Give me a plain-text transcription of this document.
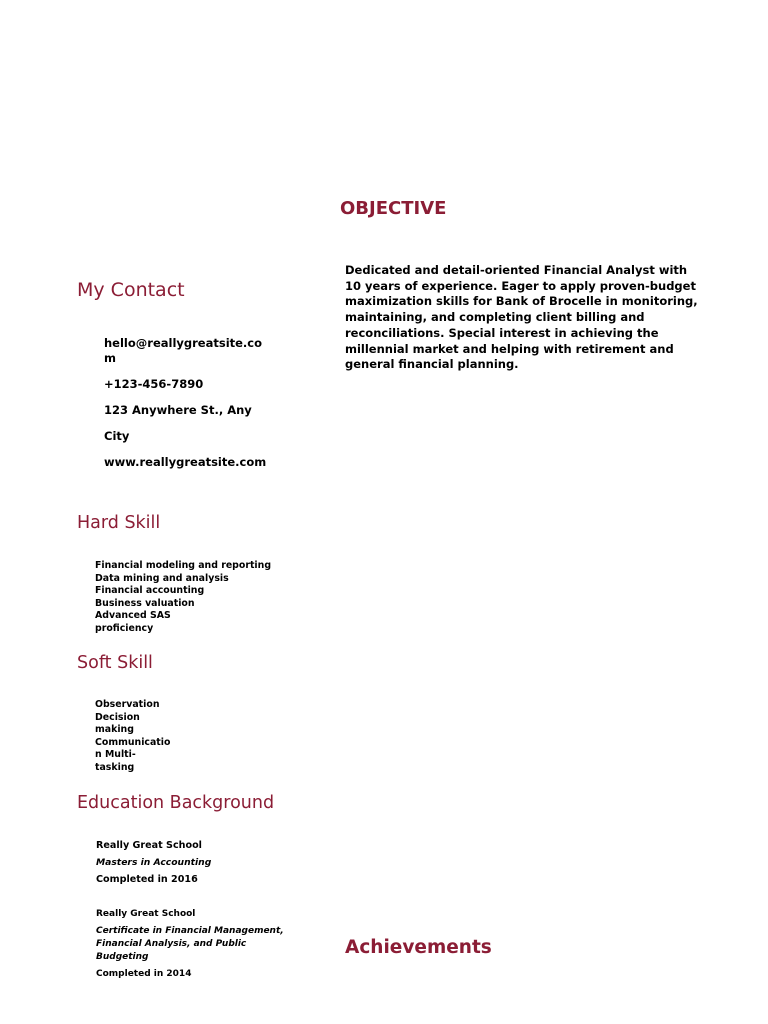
OBJECTIVE

Dedicated and detail-oriented Financial Analyst with 10 years of experience. Eager to apply proven-budget maximization skills for Bank of Brocelle in monitoring, maintaining, and completing client billing and reconciliations. Special interest in achieving the millennial market and helping with retirement and general financial planning.

My Contact

hello@reallygreatsite.com

+123-456-7890

123 Anywhere St., Any City

www.reallygreatsite.com

Hard Skill
Financial modeling and reporting
Data mining and analysis
Financial accounting
Business valuation
Advanced SAS
proficiency
Soft Skill
Observation
Decision
making
Communicatio
n Multi-
tasking
Education Background

Really Great School

Masters in Accounting

Completed in 2016

Really Great School

Certificate in Financial Management, Financial Analysis, and Public Budgeting

Completed in 2014

Achievements
